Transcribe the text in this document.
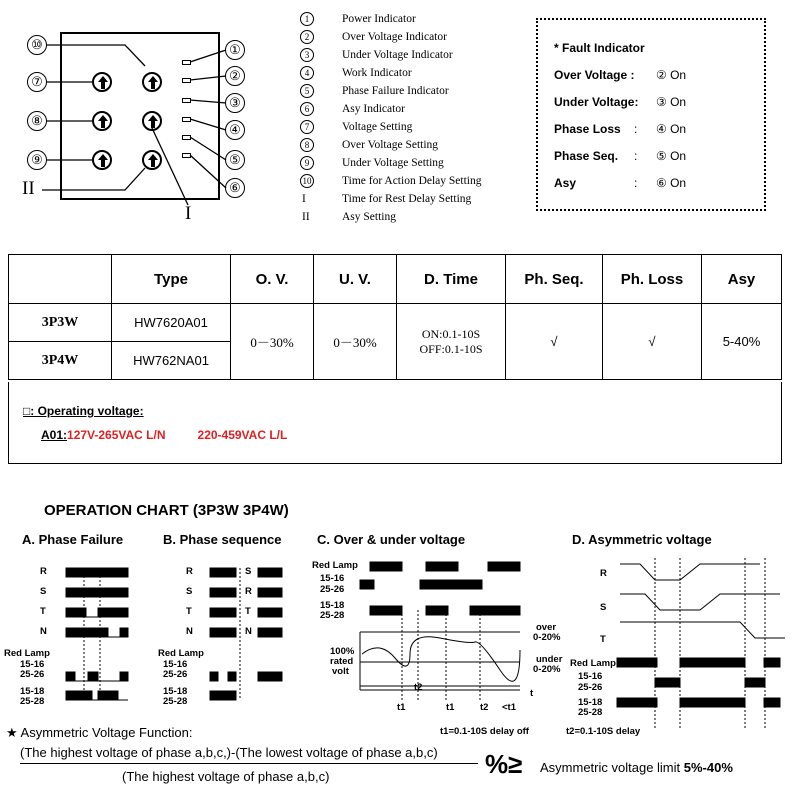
⑩
⑦
⑧
⑨
II
I
①
②
③
④
⑤
⑥
1	Power Indicator
2	Over Voltage Indicator
3	Under Voltage Indicator
4	Work Indicator
5	Phase Failure Indicator
6	Asy Indicator
7	Voltage Setting
8	Over Voltage Setting
9	Under Voltage Setting
10	Time for Action Delay Setting
I	Time for Rest Delay Setting
II	Asy Setting
* Fault Indicator
Over Voltage : ② On
Under Voltage: ③ On
Phase Loss : ④ On
Phase Seq. : ⑤ On
Asy	: ⑥ On
	Type	O. V.	U. V.	D. Time	Ph. Seq.	Ph. Loss	Asy
3P3W	HW7620A01	0－30%	0－30%	ON:0.1-10S
OFF:0.1-10S	√	√	5-40%
3P4W	HW762NA01						
□: Operating voltage:
A01:127V-265VAC L/N	220-459VAC L/L
OPERATION CHART (3P3W 3P4W)
A. Phase Failure	B. Phase sequence	C. Over & under voltage	D. Asymmetric voltage
R
S
T
N
R
S
T
N
S
R
T
N
Red Lamp
15-16
25-26
15-18
25-28
Red Lamp
15-16
25-26
15-18
25-28
Red Lamp
15-16
25-26
15-18
25-28
over
0-20%
under
0-20%
100%
rated
volt
t
t1
t2
t1	t2 <t1
t1=0.1-10S delay off	t2=0.1-10S delay
R
S
T
Red Lamp
15-16
25-26
15-18
25-28
★ Asymmetric Voltage Function:
(The highest voltage of phase a,b,c,)-(The lowest voltage of phase a,b,c)
(The highest voltage of phase a,b,c)	%≥ Asymmetric voltage limit 5%-40%
